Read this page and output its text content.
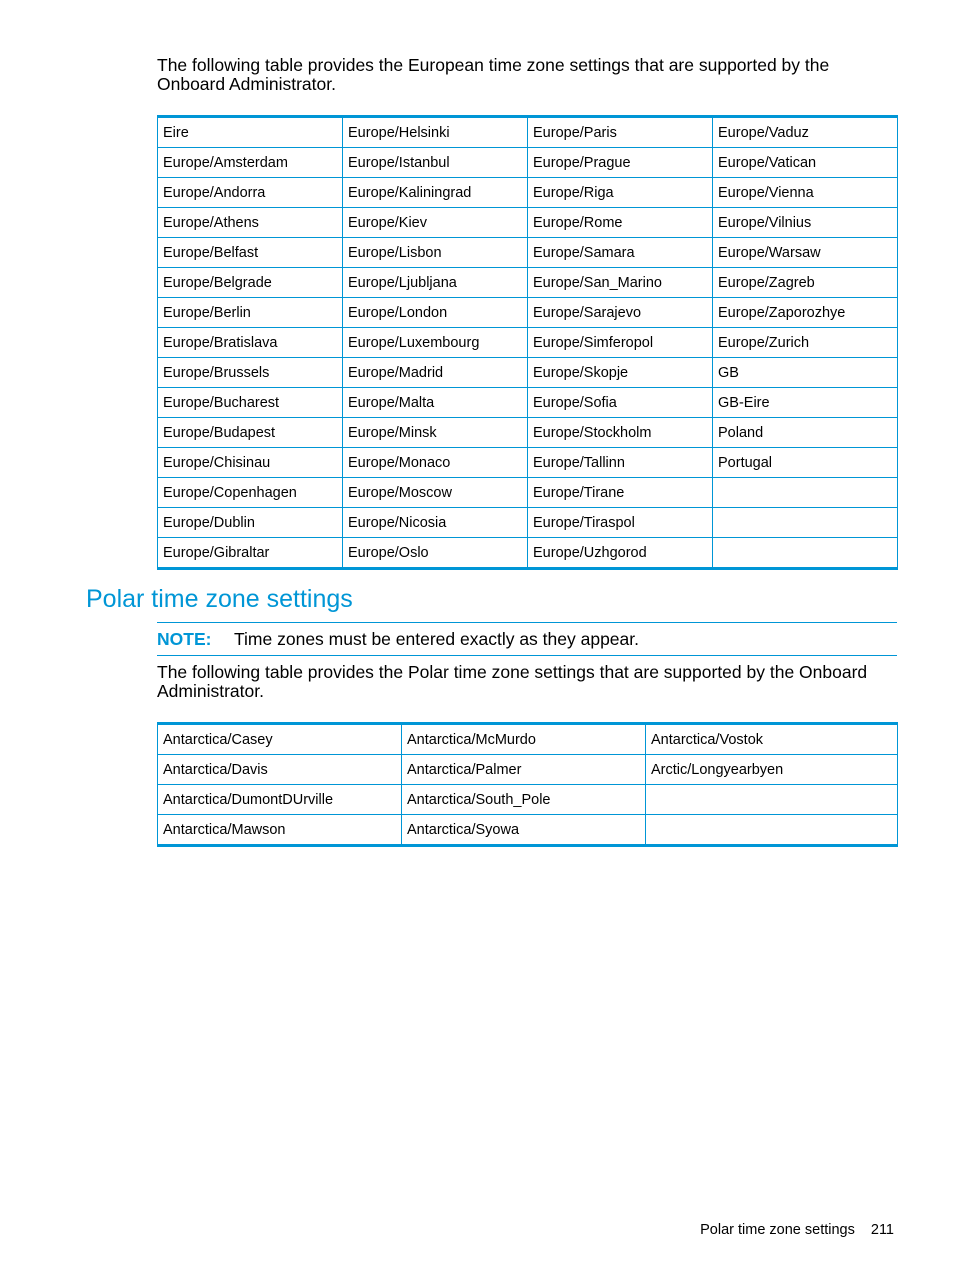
The following table provides the European time zone settings that are supported by the Onboard Administrator.

Eire	Europe/Helsinki	Europe/Paris	Europe/Vaduz
Europe/Amsterdam	Europe/Istanbul	Europe/Prague	Europe/Vatican
Europe/Andorra	Europe/Kaliningrad	Europe/Riga	Europe/Vienna
Europe/Athens	Europe/Kiev	Europe/Rome	Europe/Vilnius
Europe/Belfast	Europe/Lisbon	Europe/Samara	Europe/Warsaw
Europe/Belgrade	Europe/Ljubljana	Europe/San_Marino	Europe/Zagreb
Europe/Berlin	Europe/London	Europe/Sarajevo	Europe/Zaporozhye
Europe/Bratislava	Europe/Luxembourg	Europe/Simferopol	Europe/Zurich
Europe/Brussels	Europe/Madrid	Europe/Skopje	GB
Europe/Bucharest	Europe/Malta	Europe/Sofia	GB-Eire
Europe/Budapest	Europe/Minsk	Europe/Stockholm	Poland
Europe/Chisinau	Europe/Monaco	Europe/Tallinn	Portugal
Europe/Copenhagen	Europe/Moscow	Europe/Tirane	
Europe/Dublin	Europe/Nicosia	Europe/Tiraspol	
Europe/Gibraltar	Europe/Oslo	Europe/Uzhgorod	
Polar time zone settings
NOTE: Time zones must be entered exactly as they appear.

The following table provides the Polar time zone settings that are supported by the Onboard Administrator.

Antarctica/Casey	Antarctica/McMurdo	Antarctica/Vostok
Antarctica/Davis	Antarctica/Palmer	Arctic/Longyearbyen
Antarctica/DumontDUrville	Antarctica/South_Pole	
Antarctica/Mawson	Antarctica/Syowa	
Polar time zone settings 211
